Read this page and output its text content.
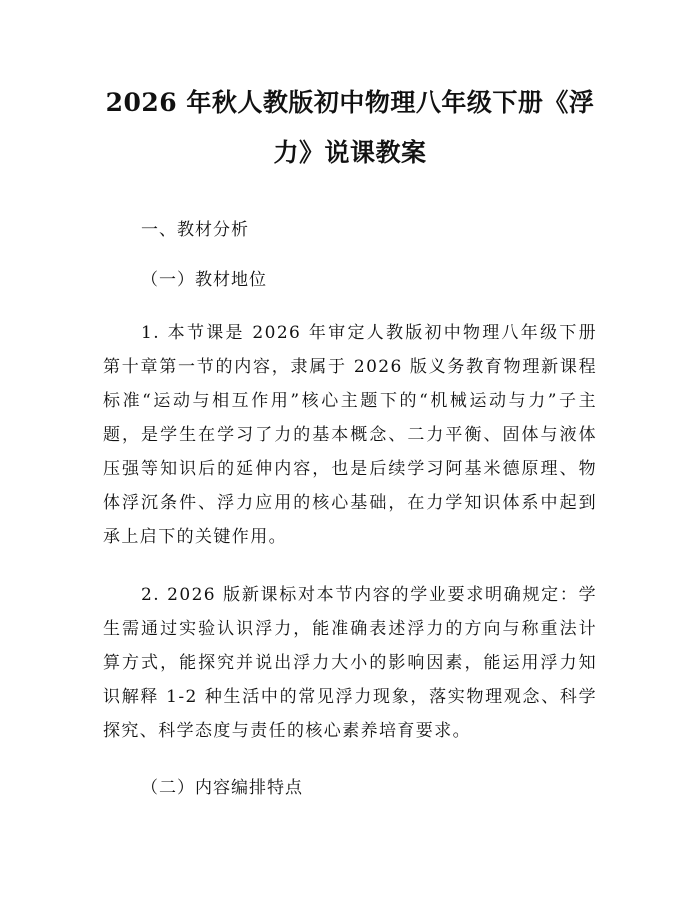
2026 年秋人教版初中物理八年级下册《浮力》说课教案

一、教材分析

（一）教材地位

1. 本节课是 2026 年审定人教版初中物理八年级下册第十章第一节的内容，隶属于 2026 版义务教育物理新课程标准“运动与相互作用”核心主题下的“机械运动与力”子主题，是学生在学习了力的基本概念、二力平衡、固体与液体压强等知识后的延伸内容，也是后续学习阿基米德原理、物体浮沉条件、浮力应用的核心基础，在力学知识体系中起到承上启下的关键作用。

2. 2026 版新课标对本节内容的学业要求明确规定：学生需通过实验认识浮力，能准确表述浮力的方向与称重法计算方式，能探究并说出浮力大小的影响因素，能运用浮力知识解释 1-2 种生活中的常见浮力现象，落实物理观念、科学探究、科学态度与责任的核心素养培育要求。

（二）内容编排特点
